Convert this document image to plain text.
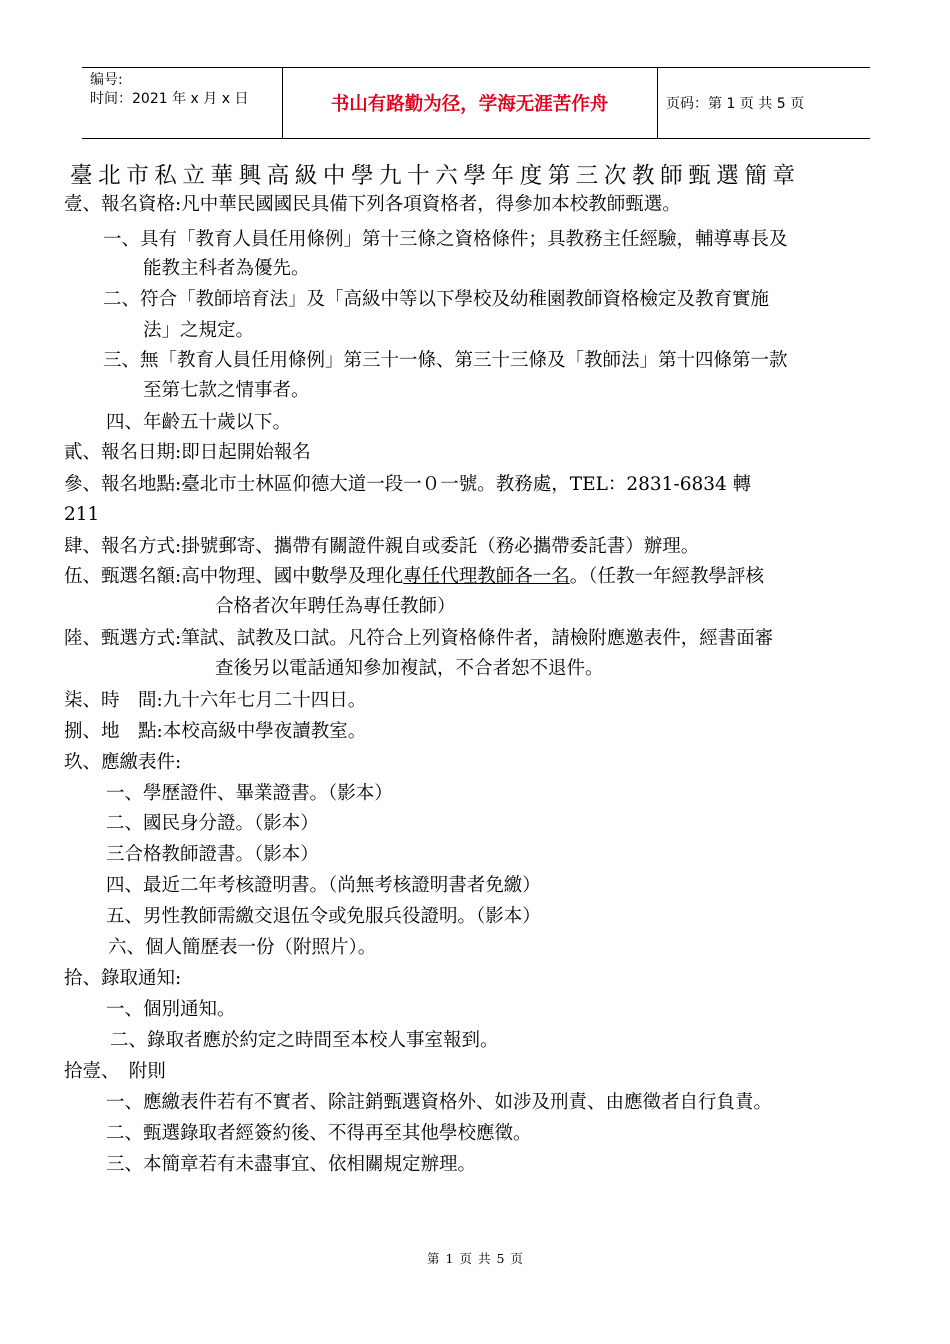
编号:
时间：2021 年 x 月 x 日	书山有路勤为径，学海无涯苦作舟	页码：第 1 页 共 5 页
臺北市私立華興高級中學九十六學年度第三次教師甄選簡章
壹、報名資格:凡中華民國國民具備下列各項資格者，得參加本校教師甄選。
一、具有「教育人員任用條例」第十三條之資格條件；具教務主任經驗，輔導專長及
能教主科者為優先。
二、符合「教師培育法」及「高級中等以下學校及幼稚園教師資格檢定及教育實施
法」之規定。
三、無「教育人員任用條例」第三十一條、第三十三條及「教師法」第十四條第一款
至第七款之情事者。
四、年齡五十歲以下。
貳、報名日期:即日起開始報名
參、報名地點:臺北市士林區仰德大道一段一０一號。教務處，TEL：2831-6834 轉
211
肆、報名方式:掛號郵寄、攜帶有關證件親自或委託（務必攜帶委託書）辦理。
伍、甄選名額:高中物理、國中數學及理化專任代理教師各一名。（任教一年經教學評核
合格者次年聘任為專任教師）
陸、甄選方式:筆試、試教及口試。凡符合上列資格條件者，請檢附應邀表件，經書面審
查後另以電話通知參加複試，不合者恕不退件。
柒、時　間:九十六年七月二十四日。
捌、地　點:本校高級中學夜讀教室。
玖、應繳表件:
一、學歷證件、畢業證書。（影本）
二、國民身分證。（影本）
三合格教師證書。（影本）
四、最近二年考核證明書。（尚無考核證明書者免繳）
五、男性教師需繳交退伍令或免服兵役證明。（影本）
六、個人簡歷表一份（附照片）。
拾、錄取通知:
一、個別通知。
二、錄取者應於約定之時間至本校人事室報到。
拾壹、　附則
一、應繳表件若有不實者、除註銷甄選資格外、如涉及刑責、由應徵者自行負責。
二、甄選錄取者經簽約後、不得再至其他學校應徵。
三、本簡章若有未盡事宜、依相關規定辦理。
第 1 页 共 5 页
